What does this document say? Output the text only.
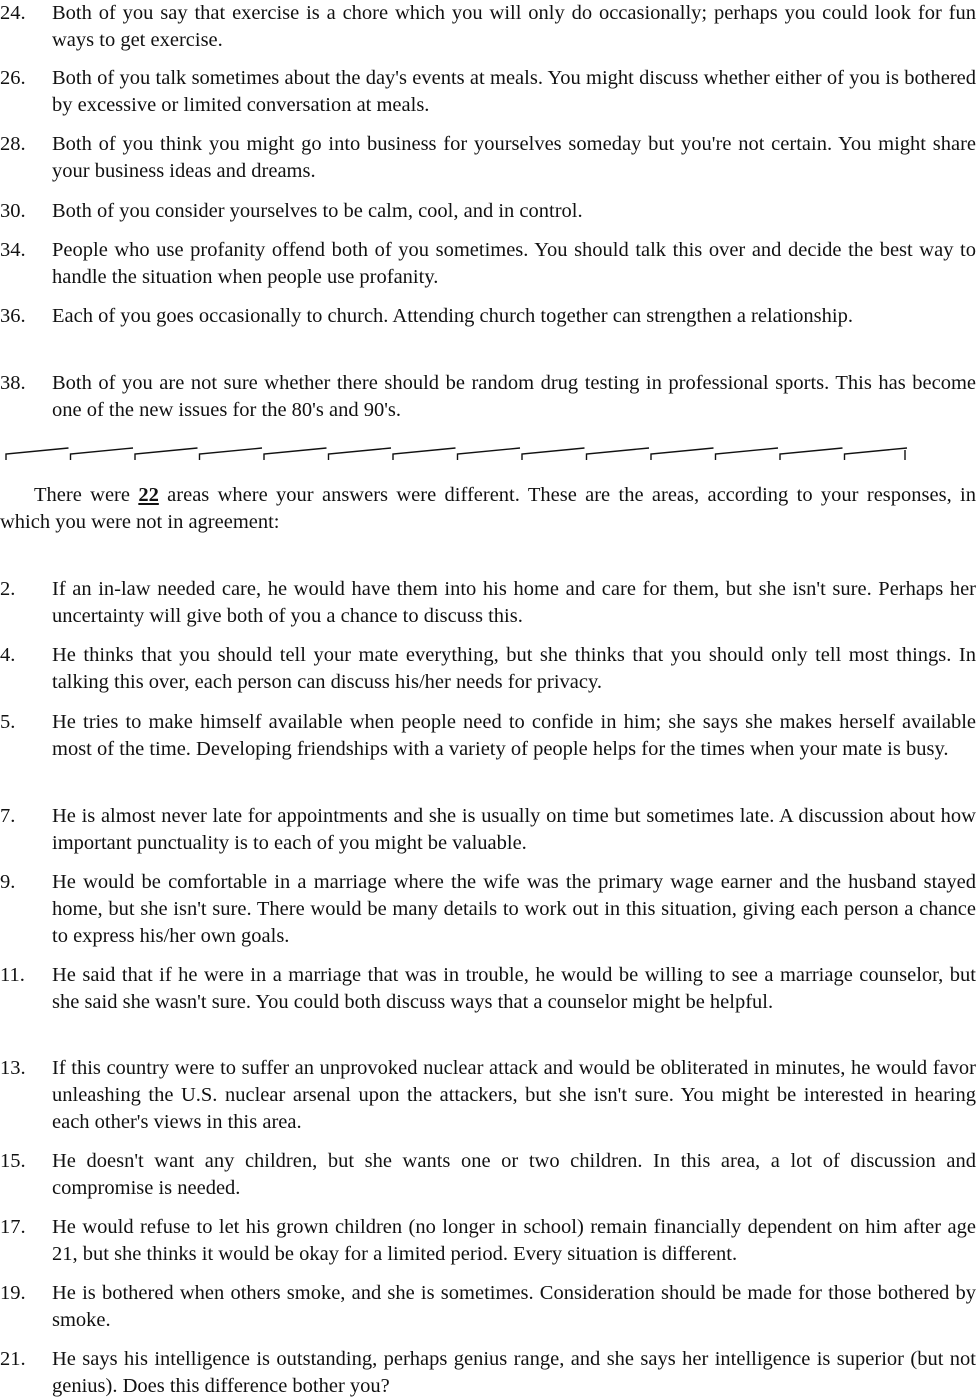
24.	Both of you say that exercise is a chore which you will only do occasionally; perhaps you could look for fun ways to get exercise.
26.	Both of you talk sometimes about the day's events at meals. You might discuss whether either of you is bothered by excessive or limited conversation at meals.
28.	Both of you think you might go into business for yourselves someday but you're not certain. You might share your business ideas and dreams.
30.	Both of you consider yourselves to be calm, cool, and in control.
34.	People who use profanity offend both of you sometimes. You should talk this over and decide the best way to handle the situation when people use profanity.
36.	Each of you goes occasionally to church. Attending church together can strengthen a relationship.
38.	Both of you are not sure whether there should be random drug testing in professional sports. This has become one of the new issues for the 80's and 90's.
There were 22 areas where your answers were different. These are the areas, according to your responses, in which you were not in agreement:
2.	If an in-law needed care, he would have them into his home and care for them, but she isn't sure. Perhaps her uncertainty will give both of you a chance to discuss this.
4.	He thinks that you should tell your mate everything, but she thinks that you should only tell most things. In talking this over, each person can discuss his/her needs for privacy.
5.	He tries to make himself available when people need to confide in him; she says she makes herself available most of the time. Developing friendships with a variety of people helps for the times when your mate is busy.
7.	He is almost never late for appointments and she is usually on time but sometimes late. A discussion about how important punctuality is to each of you might be valuable.
9.	He would be comfortable in a marriage where the wife was the primary wage earner and the husband stayed home, but she isn't sure. There would be many details to work out in this situation, giving each person a chance to express his/her own goals.
11.	He said that if he were in a marriage that was in trouble, he would be willing to see a marriage counselor, but she said she wasn't sure. You could both discuss ways that a counselor might be helpful.
13.	If this country were to suffer an unprovoked nuclear attack and would be obliterated in minutes, he would favor unleashing the U.S. nuclear arsenal upon the attackers, but she isn't sure. You might be interested in hearing each other's views in this area.
15.	He doesn't want any children, but she wants one or two children. In this area, a lot of discussion and compromise is needed.
17.	He would refuse to let his grown children (no longer in school) remain financially dependent on him after age 21, but she thinks it would be okay for a limited period. Every situation is different.
19.	He is bothered when others smoke, and she is sometimes. Consideration should be made for those bothered by smoke.
21.	He says his intelligence is outstanding, perhaps genius range, and she says her intelligence is superior (but not genius). Does this difference bother you?
